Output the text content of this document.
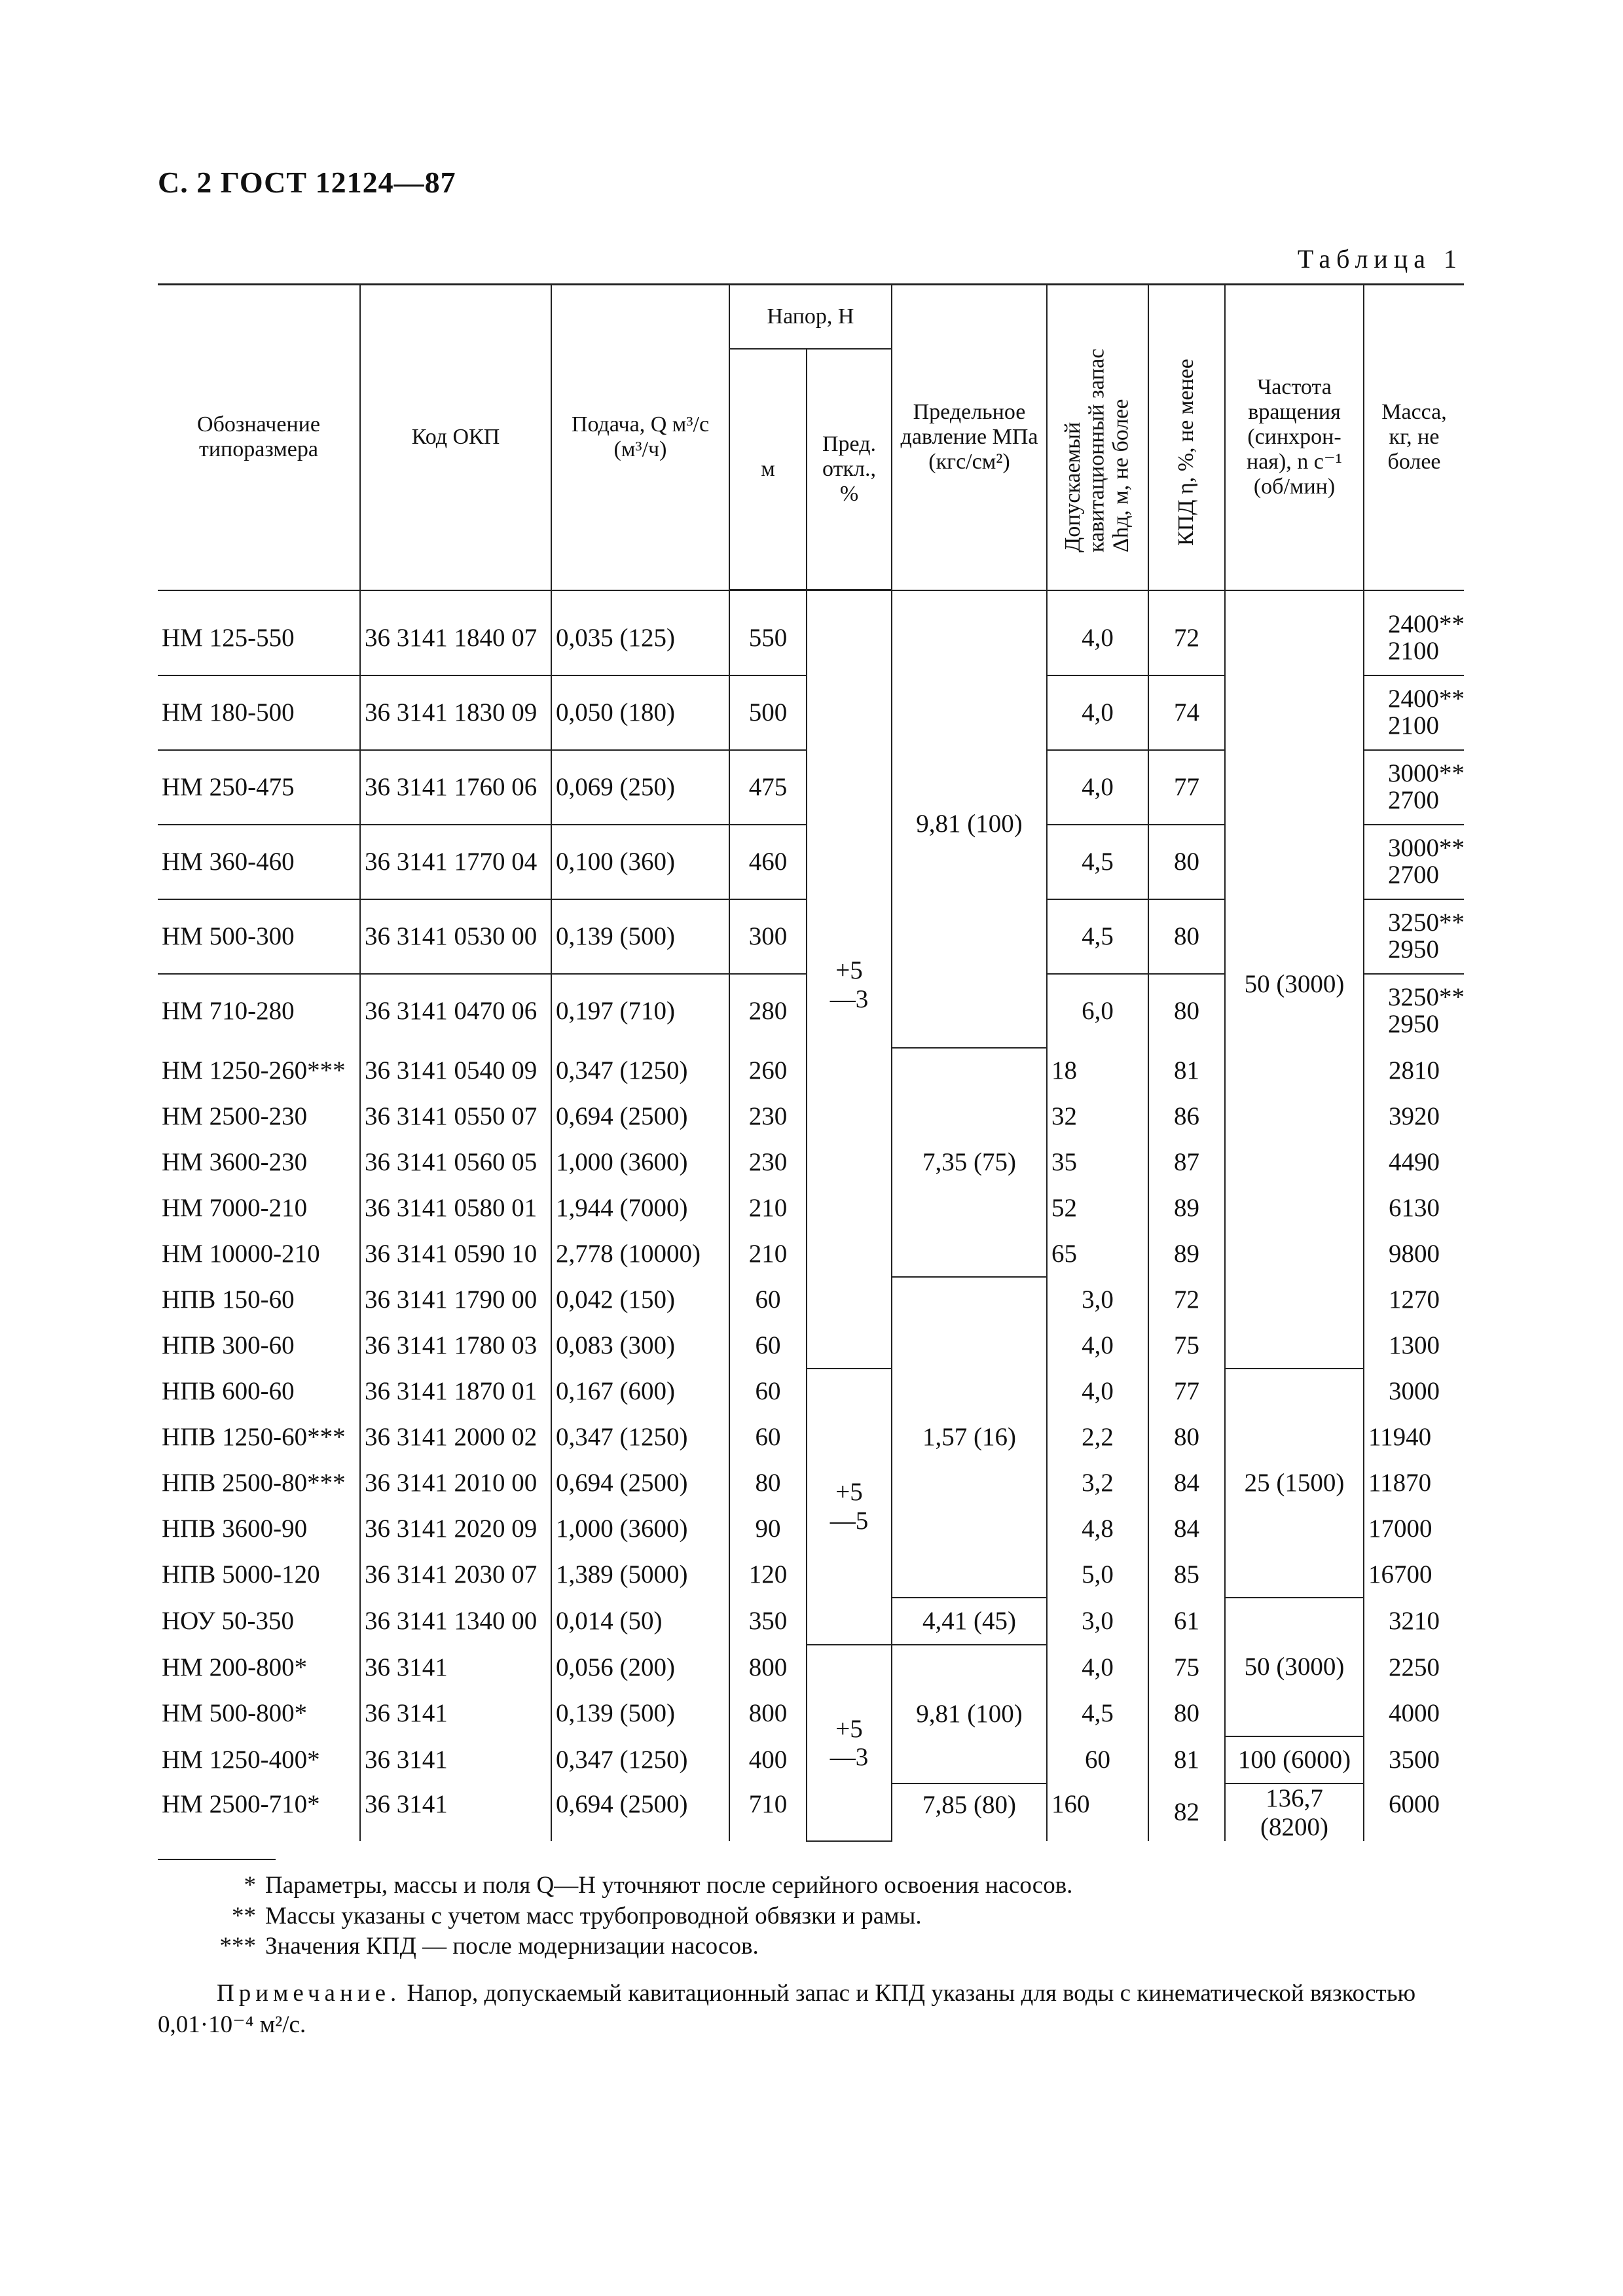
С. 2 ГОСТ 12124—87
Таблица 1
Обозначение типоразмера	Код ОКП	Подача, Q м³/с (м³/ч)	Напор, H		Предельное давление МПа (кгс/см²)	Допускаемый кавитационный запас Δhд, м, не более	КПД η, %, не менее	Частота вращения (синхрон-ная), n с⁻¹ (об/мин)	Масса, кг, не более
			м	Пред. откл., %					
НМ 125-550	36 3141 1840 07	0,035 (125)	550	+5
—3	9,81 (100)	4,0	72	50 (3000)	2400**
2100

НМ 180-500	36 3141 1830 09	0,050 (180)	500			4,0	74		2400**
2100

НМ 250-475	36 3141 1760 06	0,069 (250)	475			4,0	77		3000**
2700

НМ 360-460	36 3141 1770 04	0,100 (360)	460			4,5	80		3000**
2700

НМ 500-300	36 3141 0530 00	0,139 (500)	300			4,5	80		3250**
2950

НМ 710-280	36 3141 0470 06	0,197 (710)	280			6,0	80		3250**
2950

НМ 1250-260***	36 3141 0540 09	0,347 (1250)	260		7,35 (75)	18	81		2810
НМ 2500-230	36 3141 0550 07	0,694 (2500)	230			32	86		3920
НМ 3600-230	36 3141 0560 05	1,000 (3600)	230			35	87		4490
НМ 7000-210	36 3141 0580 01	1,944 (7000)	210			52	89		6130
НМ 10000-210	36 3141 0590 10	2,778 (10000)	210			65	89		9800
НПВ 150-60	36 3141 1790 00	0,042 (150)	60		1,57 (16)	3,0	72		1270
НПВ 300-60	36 3141 1780 03	0,083 (300)	60			4,0	75		1300
НПВ 600-60	36 3141 1870 01	0,167 (600)	60	+5
—5		4,0	77	25 (1500)	3000
НПВ 1250-60***	36 3141 2000 02	0,347 (1250)	60			2,2	80		11940
НПВ 2500-80***	36 3141 2010 00	0,694 (2500)	80			3,2	84		11870
НПВ 3600-90	36 3141 2020 09	1,000 (3600)	90			4,8	84		17000
НПВ 5000-120	36 3141 2030 07	1,389 (5000)	120			5,0	85		16700
НОУ 50-350	36 3141 1340 00	0,014 (50)	350		4,41 (45)	3,0	61	50 (3000)	3210
НМ 200-800*	36 3141	0,056 (200)	800	+5
—3	9,81 (100)	4,0	75		2250
НМ 500-800*	36 3141	0,139 (500)	800			4,5	80		4000
НМ 1250-400*	36 3141	0,347 (1250)	400			60	81	100 (6000)	3500
НМ 2500-710*	36 3141	0,694 (2500)	710		7,85 (80)	160	82	136,7
(8200)	6000
* Параметры, массы и поля Q—H уточняют после серийного освоения насосов.
** Массы указаны с учетом масс трубопроводной обвязки и рамы.
*** Значения КПД — после модернизации насосов.
Примечание. Напор, допускаемый кавитационный запас и КПД указаны для воды с кинематической вязкостью 0,01·10⁻⁴ м²/с.
